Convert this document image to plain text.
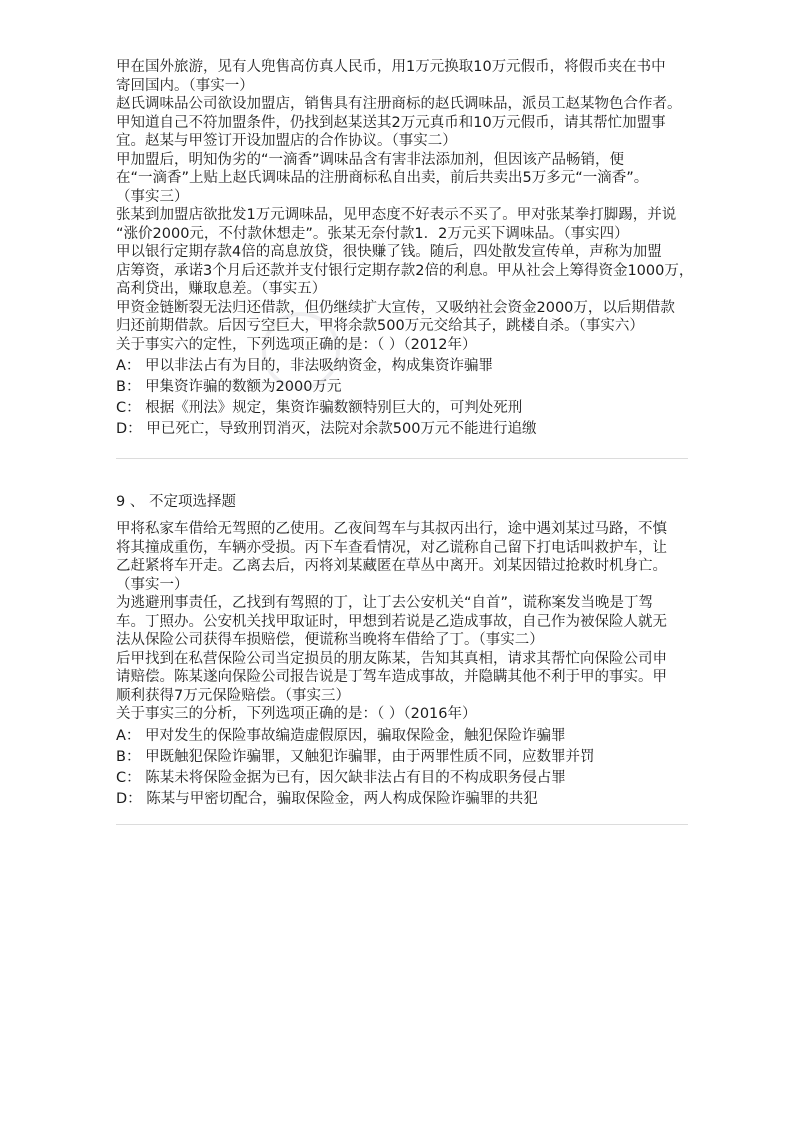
甲在国外旅游，见有人兜售高仿真人民币，用1万元换取10万元假币，将假币夹在书中
寄回国内。（事实一）
赵氏调味品公司欲设加盟店，销售具有注册商标的赵氏调味品，派员工赵某物色合作者。
甲知道自己不符加盟条件，仍找到赵某送其2万元真币和10万元假币，请其帮忙加盟事
宜。赵某与甲签订开设加盟店的合作协议。（事实二）
甲加盟后，明知伪劣的“一滴香”调味品含有害非法添加剂，但因该产品畅销，便
在“一滴香”上贴上赵氏调味品的注册商标私自出卖，前后共卖出5万多元“一滴香”。
（事实三）
张某到加盟店欲批发1万元调味品，见甲态度不好表示不买了。甲对张某拳打脚踢，并说
“涨价2000元，不付款休想走”。张某无奈付款1．2万元买下调味品。（事实四）
甲以银行定期存款4倍的高息放贷，很快赚了钱。随后，四处散发宣传单，声称为加盟
店筹资，承诺3个月后还款并支付银行定期存款2倍的利息。甲从社会上筹得资金1000万，
高利贷出，赚取息差。（事实五）
甲资金链断裂无法归还借款，但仍继续扩大宣传，又吸纳社会资金2000万，以后期借款
归还前期借款。后因亏空巨大，甲将余款500万元交给其子，跳楼自杀。（事实六）
关于事实六的定性，下列选项正确的是：（ ）（2012年）

A： 甲以非法占有为目的，非法吸纳资金，构成集资诈骗罪

B： 甲集资诈骗的数额为2000万元

C： 根据《刑法》规定，集资诈骗数额特别巨大的，可判处死刑

D： 甲已死亡，导致刑罚消灭，法院对余款500万元不能进行追缴

9 、 不定项选择题

甲将私家车借给无驾照的乙使用。乙夜间驾车与其叔丙出行，途中遇刘某过马路，不慎
将其撞成重伤，车辆亦受损。丙下车查看情况，对乙谎称自己留下打电话叫救护车，让
乙赶紧将车开走。乙离去后，丙将刘某藏匿在草丛中离开。刘某因错过抢救时机身亡。
（事实一）
为逃避刑事责任，乙找到有驾照的丁，让丁去公安机关“自首”，谎称案发当晚是丁驾
车。丁照办。公安机关找甲取证时，甲想到若说是乙造成事故，自己作为被保险人就无
法从保险公司获得车损赔偿，便谎称当晚将车借给了丁。（事实二）
后甲找到在私营保险公司当定损员的朋友陈某，告知其真相，请求其帮忙向保险公司申
请赔偿。陈某遂向保险公司报告说是丁驾车造成事故，并隐瞒其他不利于甲的事实。甲
顺利获得7万元保险赔偿。（事实三）
关于事实三的分析，下列选项正确的是：（ ）（2016年）

A： 甲对发生的保险事故编造虚假原因，骗取保险金，触犯保险诈骗罪

B： 甲既触犯保险诈骗罪，又触犯诈骗罪，由于两罪性质不同，应数罪并罚

C： 陈某未将保险金据为已有，因欠缺非法占有目的不构成职务侵占罪

D： 陈某与甲密切配合，骗取保险金，两人构成保险诈骗罪的共犯
